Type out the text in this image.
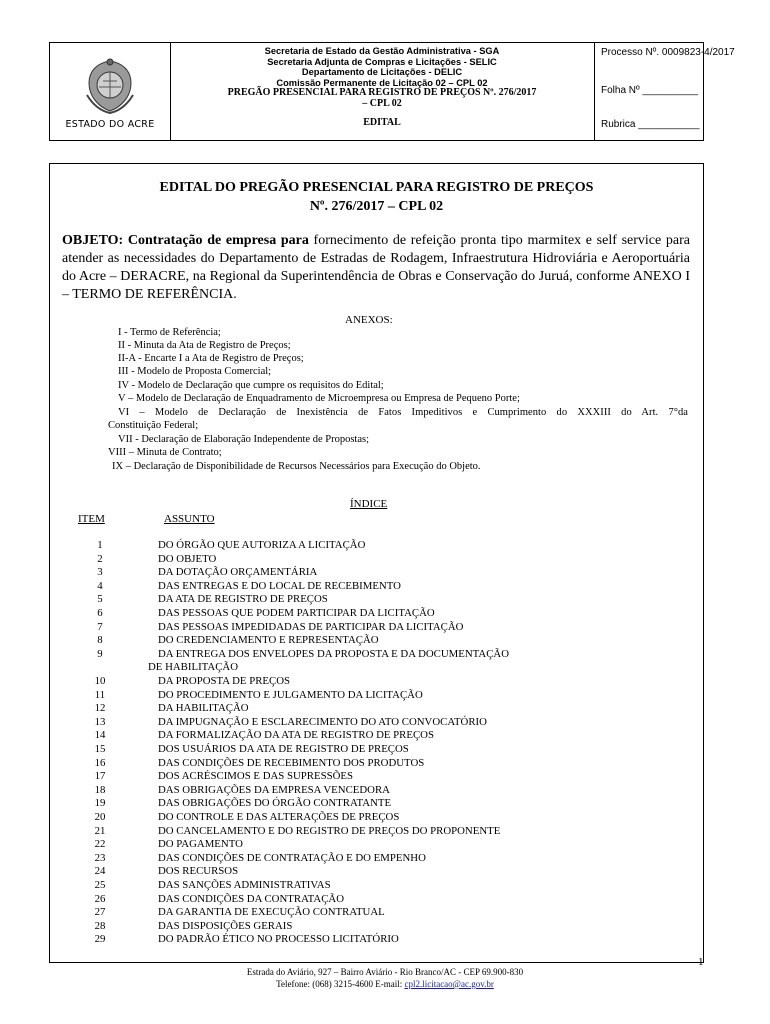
ESTADO DO ACRE
Secretaria de Estado da Gestão Administrativa - SGA
Secretaria Adjunta de Compras e Licitações - SELIC
Departamento de Licitações - DELIC
Comissão Permanente de Licitação 02 – CPL 02
PREGÃO PRESENCIAL PARA REGISTRO DE PREÇOS Nº. 276/2017
– CPL 02
EDITAL
Processo Nº. 0009823-4/2017
Folha Nº __________
Rubrica ___________
EDITAL DO PREGÃO PRESENCIAL PARA REGISTRO DE PREÇOS
Nº. 276/2017 – CPL 02
OBJETO: Contratação de empresa para fornecimento de refeição pronta tipo marmitex e self service para atender as necessidades do Departamento de Estradas de Rodagem, Infraestrutura Hidroviária e Aeroportuária do Acre – DERACRE, na Regional da Superintendência de Obras e Conservação do Juruá, conforme ANEXO I – TERMO DE REFERÊNCIA.
ANEXOS:
I - Termo de Referência;
II - Minuta da Ata de Registro de Preços;
II-A - Encarte I a Ata de Registro de Preços;
III - Modelo de Proposta Comercial;
IV - Modelo de Declaração que cumpre os requisitos do Edital;
V – Modelo de Declaração de Enquadramento de Microempresa ou Empresa de Pequeno Porte;
VI – Modelo de Declaração de Inexistência de Fatos Impeditivos e Cumprimento do XXXIII do Art. 7°da
Constituição Federal;
VII - Declaração de Elaboração Independente de Propostas;
VIII – Minuta de Contrato;
IX – Declaração de Disponibilidade de Recursos Necessários para Execução do Objeto.
ÍNDICE
ITEM	ASSUNTO
1	DO ÓRGÃO QUE AUTORIZA A LICITAÇÃO
2	DO OBJETO
3	DA DOTAÇÃO ORÇAMENTÁRIA
4	DAS ENTREGAS E DO LOCAL DE RECEBIMENTO
5	DA ATA DE REGISTRO DE PREÇOS
6	DAS PESSOAS QUE PODEM PARTICIPAR DA LICITAÇÃO
7	DAS PESSOAS IMPEDIDADAS DE PARTICIPAR DA LICITAÇÃO
8	DO CREDENCIAMENTO E REPRESENTAÇÃO
9	DA ENTREGA DOS ENVELOPES DA PROPOSTA E DA DOCUMENTAÇÃO
DE HABILITAÇÃO
10	DA PROPOSTA DE PREÇOS
11	DO PROCEDIMENTO E JULGAMENTO DA LICITAÇÃO
12	DA HABILITAÇÃO
13	DA IMPUGNAÇÃO E ESCLARECIMENTO DO ATO CONVOCATÓRIO
14	DA FORMALIZAÇÃO DA ATA DE REGISTRO DE PREÇOS
15	DOS USUÁRIOS DA ATA DE REGISTRO DE PREÇOS
16	DAS CONDIÇÕES DE RECEBIMENTO DOS PRODUTOS
17	DOS ACRÉSCIMOS E DAS SUPRESSÕES
18	DAS OBRIGAÇÕES DA EMPRESA VENCEDORA
19	DAS OBRIGAÇÕES DO ÓRGÃO CONTRATANTE
20	DO CONTROLE E DAS ALTERAÇÕES DE PREÇOS
21	DO CANCELAMENTO E DO REGISTRO DE PREÇOS DO PROPONENTE
22	DO PAGAMENTO
23	DAS CONDIÇÕES DE CONTRATAÇÃO E DO EMPENHO
24	DOS RECURSOS
25	DAS SANÇÕES ADMINISTRATIVAS
26	DAS CONDIÇÕES DA CONTRATAÇÃO
27	DA GARANTIA DE EXECUÇÃO CONTRATUAL
28	DAS DISPOSIÇÕES GERAIS
29	DO PADRÃO ÉTICO NO PROCESSO LICITATÓRIO
1
Estrada do Aviário, 927 – Bairro Aviário - Rio Branco/AC - CEP 69.900-830
Telefone: (068) 3215-4600 E-mail: cpl2.licitacao@ac.gov.br
